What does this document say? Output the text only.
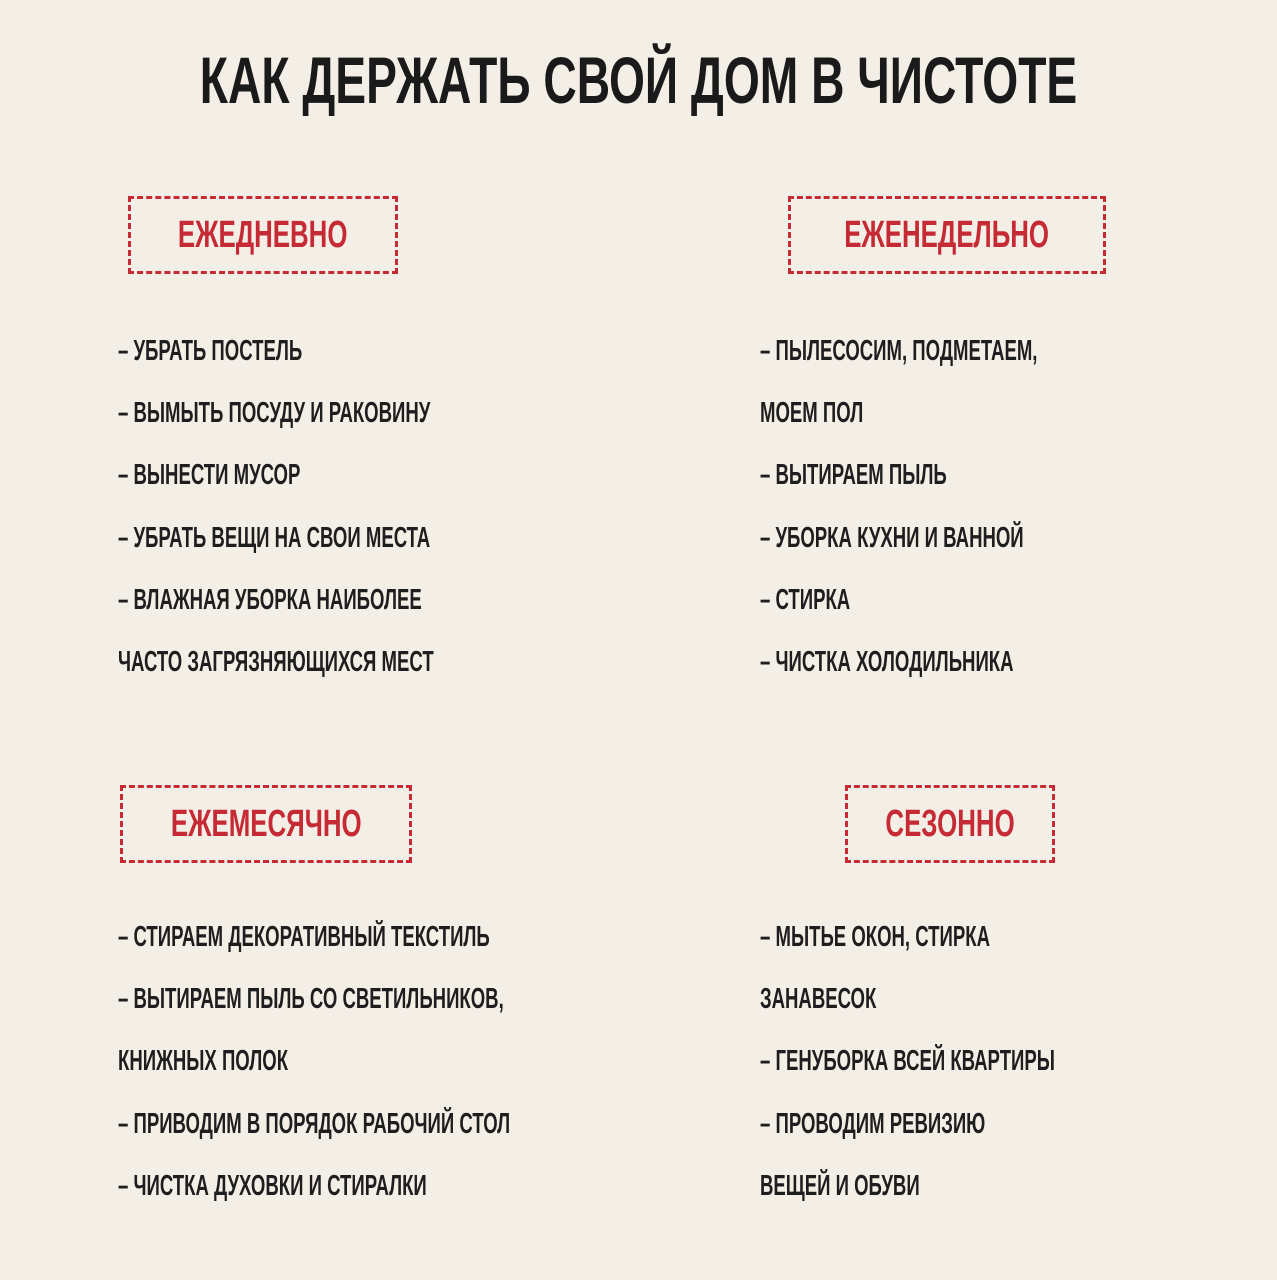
КАК ДЕРЖАТЬ СВОЙ ДОМ В ЧИСТОТЕ
ЕЖЕДНЕВНО
– УБРАТЬ ПОСТЕЛЬ
– ВЫМЫТЬ ПОСУДУ И РАКОВИНУ
– ВЫНЕСТИ МУСОР
– УБРАТЬ ВЕЩИ НА СВОИ МЕСТА
– ВЛАЖНАЯ УБОРКА НАИБОЛЕЕ
ЧАСТО ЗАГРЯЗНЯЮЩИХСЯ МЕСТ
ЕЖЕНЕДЕЛЬНО
– ПЫЛЕСОСИМ, ПОДМЕТАЕМ,
МОЕМ ПОЛ
– ВЫТИРАЕМ ПЫЛЬ
– УБОРКА КУХНИ И ВАННОЙ
– СТИРКА
– ЧИСТКА ХОЛОДИЛЬНИКА
ЕЖЕМЕСЯЧНО
– СТИРАЕМ ДЕКОРАТИВНЫЙ ТЕКСТИЛЬ
– ВЫТИРАЕМ ПЫЛЬ СО СВЕТИЛЬНИКОВ,
КНИЖНЫХ ПОЛОК
– ПРИВОДИМ В ПОРЯДОК РАБОЧИЙ СТОЛ
– ЧИСТКА ДУХОВКИ И СТИРАЛКИ
СЕЗОННО
– МЫТЬЕ ОКОН, СТИРКА
ЗАНАВЕСОК
– ГЕНУБОРКА ВСЕЙ КВАРТИРЫ
– ПРОВОДИМ РЕВИЗИЮ
ВЕЩЕЙ И ОБУВИ
